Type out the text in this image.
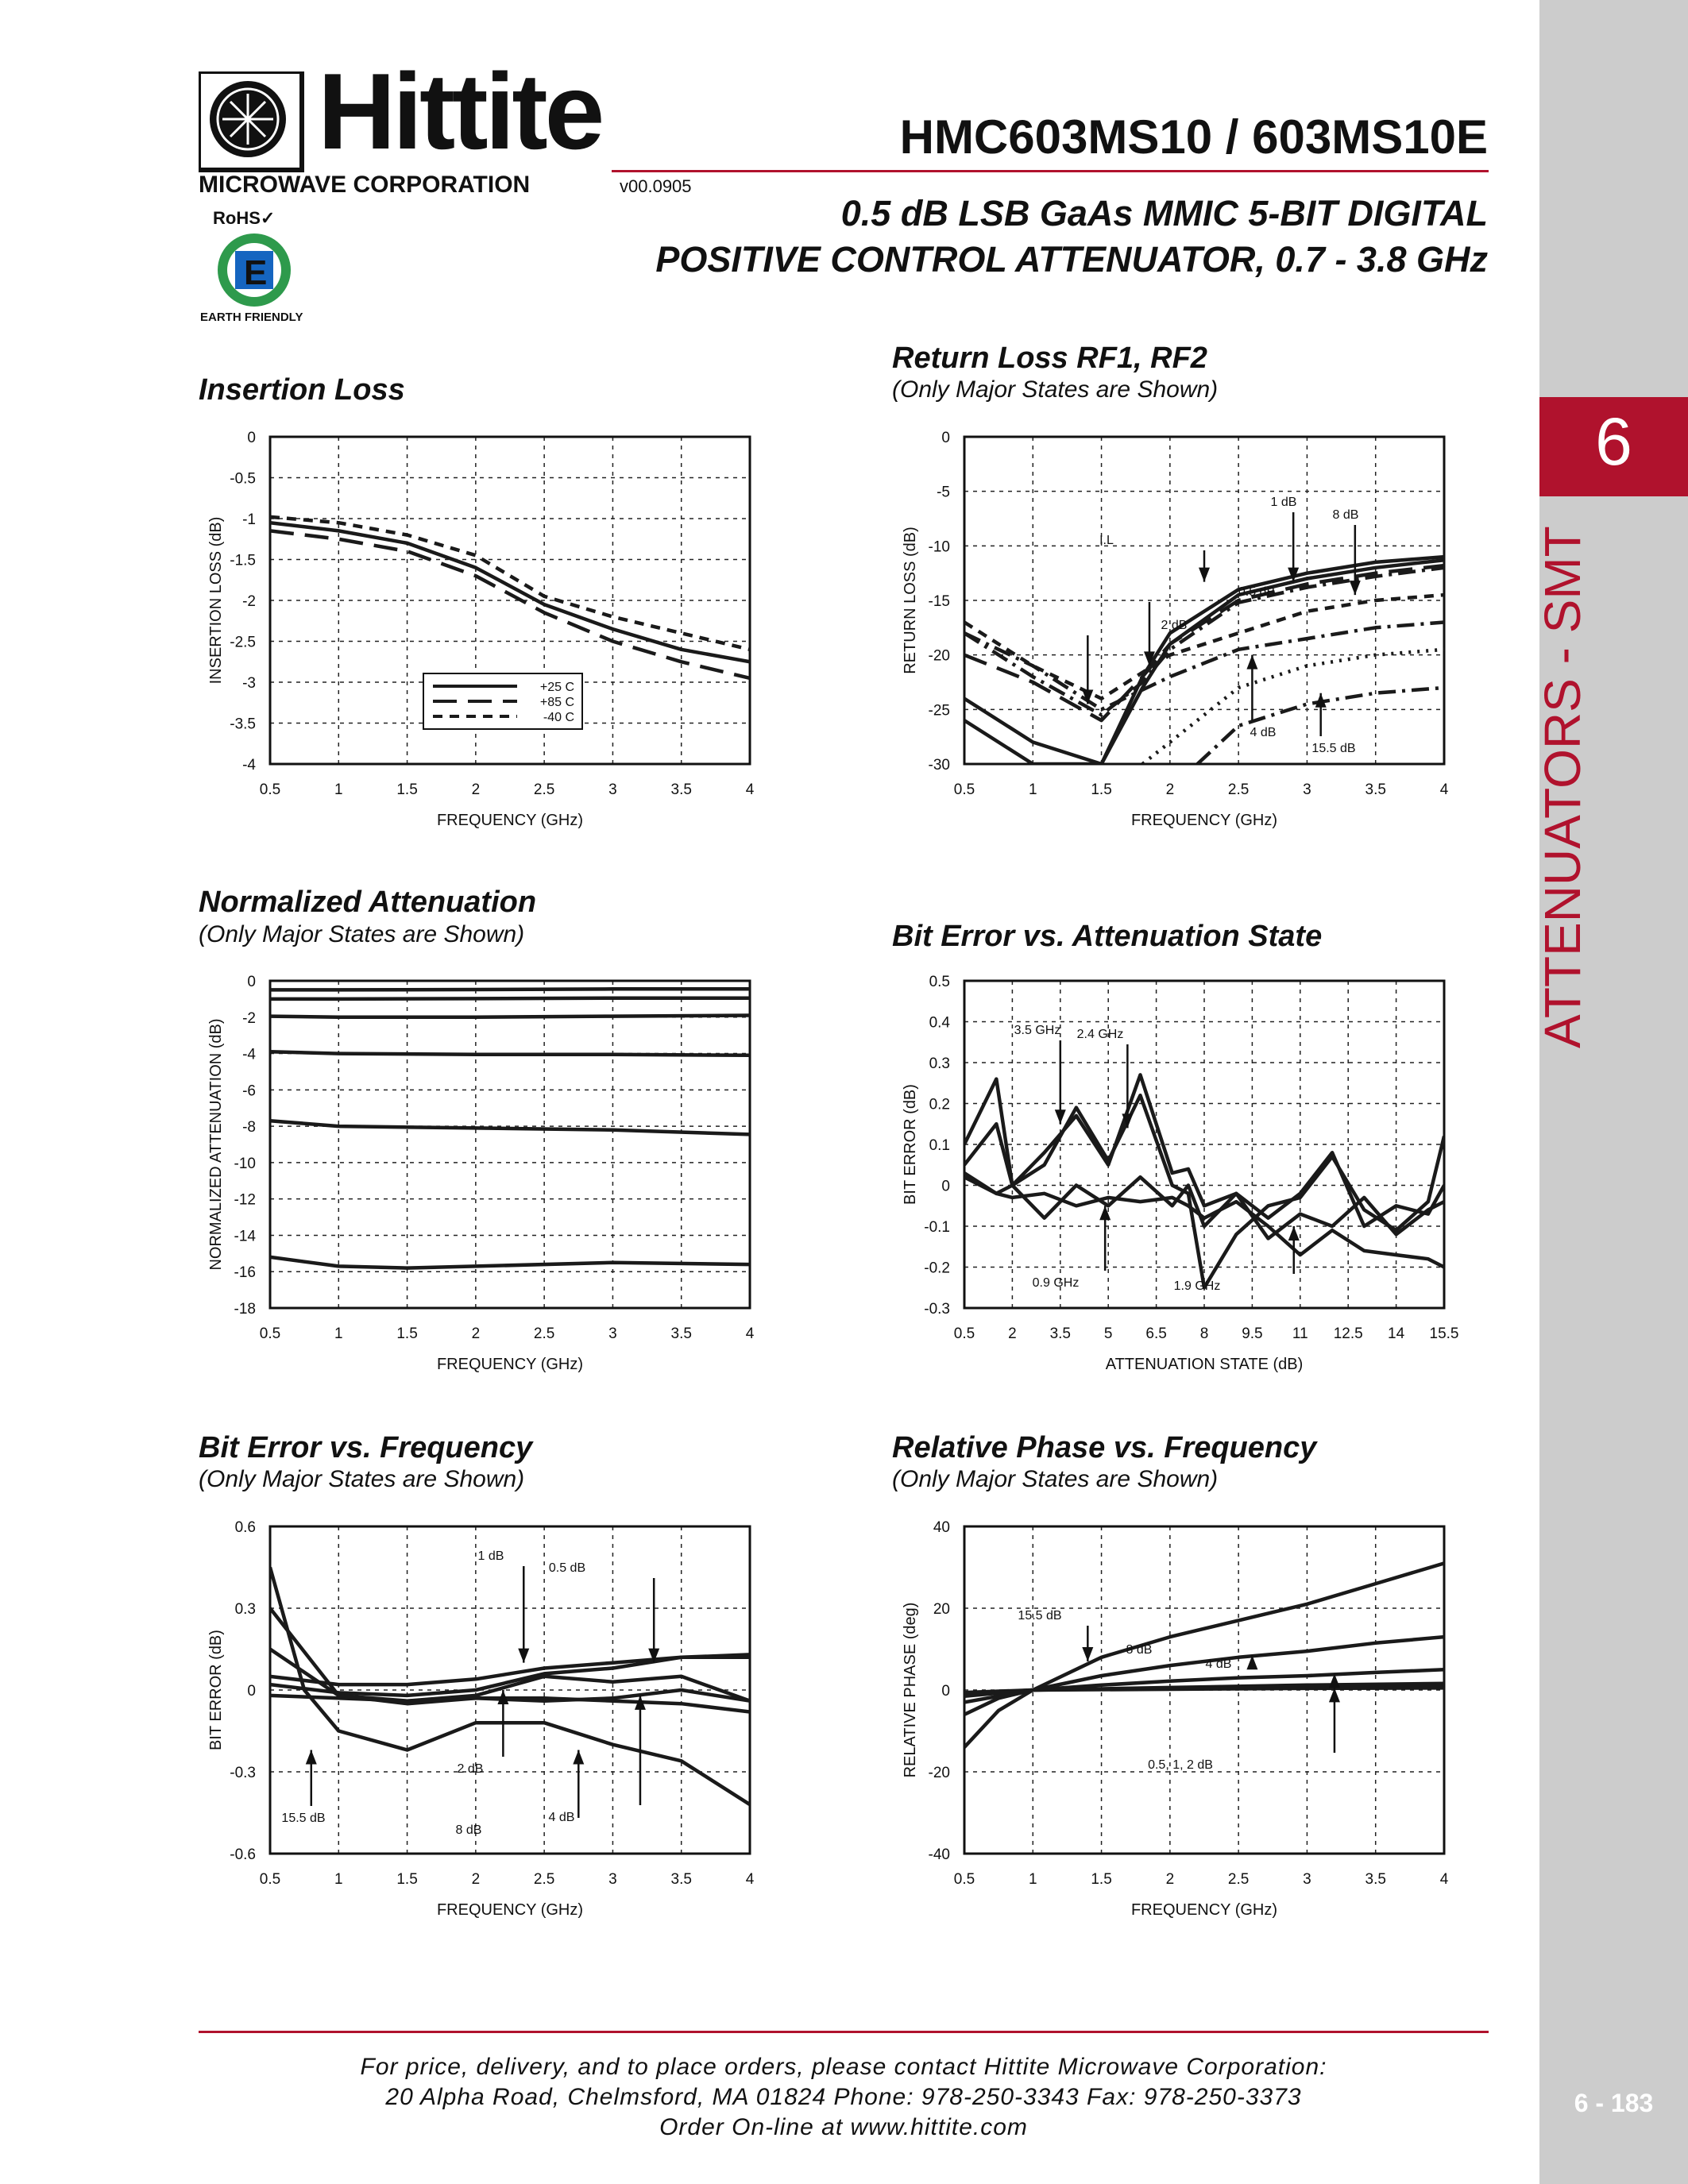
Hittite
MICROWAVE CORPORATION	v00.0905
HMC603MS10 / 603MS10E
0.5 dB LSB GaAs MMIC 5-BIT DIGITAL
POSITIVE CONTROL ATTENUATOR, 0.7 - 3.8 GHz
RoHS✓
E
EARTH FRIENDLY
6
ATTENUATORS - SMT
6 - 183
Insertion Loss
Return Loss RF1, RF2
(Only Major States are Shown)
Normalized Attenuation
(Only Major States are Shown)	Bit Error vs. Attenuation State
Bit Error vs. Frequency
(Only Major States are Shown)
Relative Phase vs. Frequency
(Only Major States are Shown)
0.5	1	1.5	2	2.5	3	3.5	4
0
-0.5
-1
-1.5
-2
-2.5
-3
-3.5
-4
FREQUENCY (GHz)
INSERTION LOSS (dB)
+25 C
+85 C
-40 C
0.5	1	1.5	2	2.5	3	3.5	4
0
-5
-10
-15
-20
-25
-30
FREQUENCY (GHz)
RETURN LOSS (dB)	I.L
1 dB
8 dB
0.5 dB
2 dB
4 dB
15.5 dB
0.5	1	1.5	2	2.5	3	3.5	4
0
-2
-4
-6
-8
-10
-12
-14
-16
-18
FREQUENCY (GHz)
NORMALIZED ATTENUATION (dB)
0.5 2 3.5 5 6.5 8 9.5 11 12.5 14 15.5
0.5
0.4
0.3
0.2
0.1
0
-0.1
-0.2
-0.3
ATTENUATION STATE (dB)
BIT ERROR (dB)
3.5 GHz 2.4 GHz
0.9 GHz	1.9 GHz
0.5	1	1.5	2	2.5	3	3.5	4
0.6
0.3
0
-0.3
-0.6
FREQUENCY (GHz)
BIT ERROR (dB)
1 dB
0.5 dB
2 dB
15.5 dB
8 dB
4 dB
0.5	1	1.5	2	2.5	3	3.5	4
40
20
0
-20
-40
FREQUENCY (GHz)
RELATIVE PHASE (deg)	15.5 dB
8 dB
4 dB
0.5, 1, 2 dB
For price, delivery, and to place orders, please contact Hittite Microwave Corporation:
20 Alpha Road, Chelmsford, MA 01824 Phone: 978-250-3343 Fax: 978-250-3373
Order On-line at www.hittite.com
